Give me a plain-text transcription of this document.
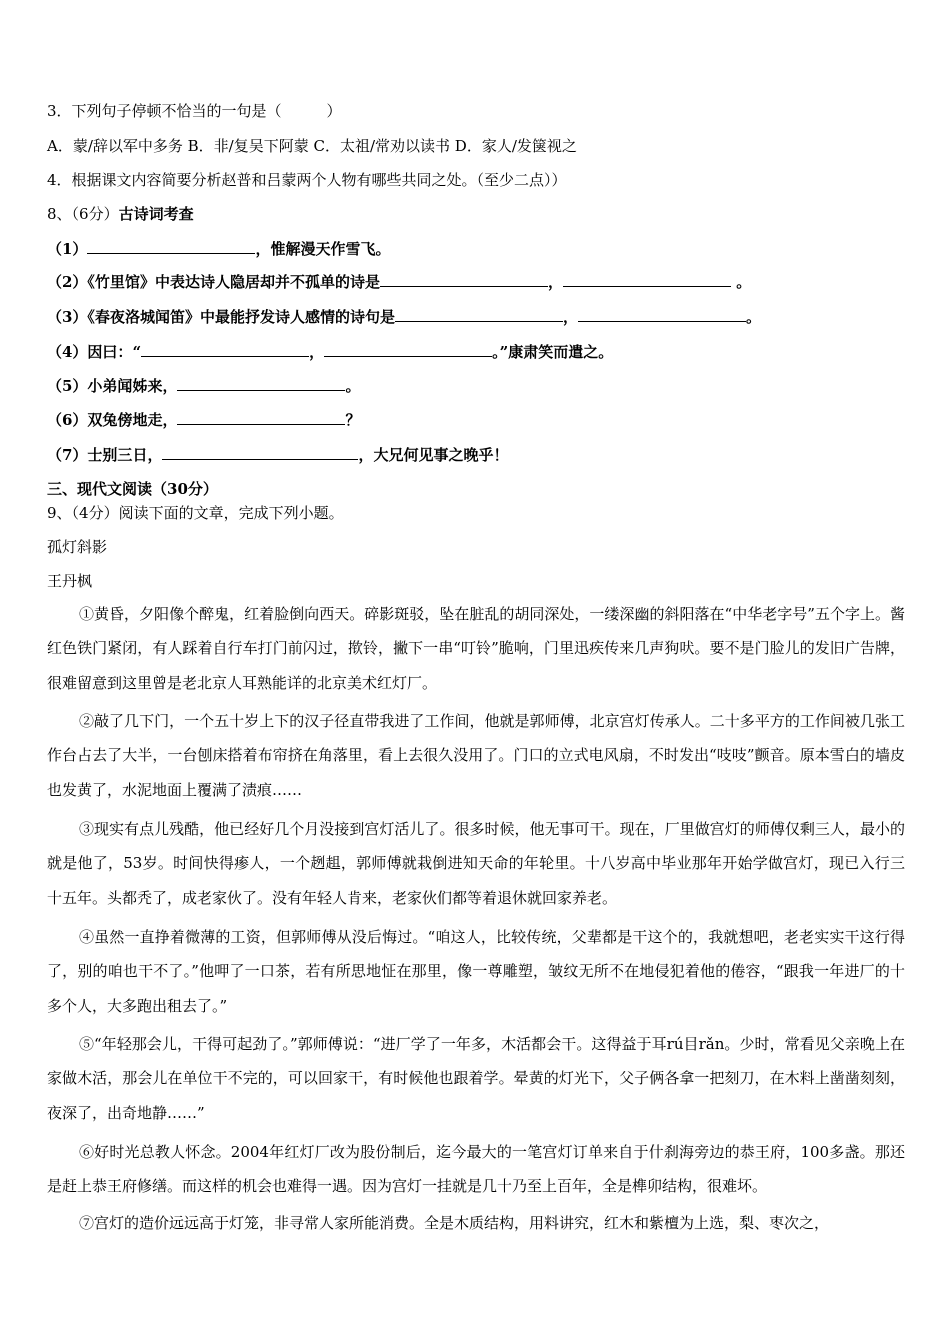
3．下列句子停顿不恰当的一句是（　　　）
A．蒙/辞以军中多务 B．非/复吴下阿蒙 C．太祖/常劝以读书 D．家人/发箧视之
4．根据课文内容简要分析赵普和吕蒙两个人物有哪些共同之处。（至少二点））
8、（6分）古诗词考查
（1）	，惟解漫天作雪飞。
（2）《竹里馆》中表达诗人隐居却并不孤单的诗是	，	。
（3）《春夜洛城闻笛》中最能抒发诗人感情的诗句是	，	。
（4）因曰：“	，	。”康肃笑而遣之。
（5）小弟闻姊来，	。
（6）双兔傍地走，	？
（7）士别三日，	，大兄何见事之晚乎！
三、现代文阅读（30分）
9、（4分）阅读下面的文章，完成下列小题。
孤灯斜影
王丹枫
①黄昏，夕阳像个醉鬼，红着脸倒向西天。碎影斑驳，坠在脏乱的胡同深处，一缕深幽的斜阳落在“中华老字号”五个字上。酱红色铁门紧闭，有人踩着自行车打门前闪过，揿铃，撇下一串“叮铃”脆响，门里迅疾传来几声狗吠。要不是门脸儿的发旧广告牌，很难留意到这里曾是老北京人耳熟能详的北京美术红灯厂。
②敲了几下门，一个五十岁上下的汉子径直带我进了工作间，他就是郭师傅，北京宫灯传承人。二十多平方的工作间被几张工作台占去了大半，一台刨床搭着布帘挤在角落里，看上去很久没用了。门口的立式电风扇，不时发出“吱吱”颤音。原本雪白的墙皮也发黄了，水泥地面上覆满了渍痕……
③现实有点儿残酷，他已经好几个月没接到宫灯活儿了。很多时候，他无事可干。现在，厂里做宫灯的师傅仅剩三人，最小的就是他了，53岁。时间快得瘆人，一个趔趄，郭师傅就栽倒进知天命的年轮里。十八岁高中毕业那年开始学做宫灯，现已入行三十五年。头都秃了，成老家伙了。没有年轻人肯来，老家伙们都等着退休就回家养老。
④虽然一直挣着微薄的工资，但郭师傅从没后悔过。“咱这人，比较传统，父辈都是干这个的，我就想吧，老老实实干这行得了，别的咱也干不了。”他呷了一口茶，若有所思地怔在那里，像一尊雕塑，皱纹无所不在地侵犯着他的倦容，“跟我一年进厂的十多个人，大多跑出租去了。”
⑤“年轻那会儿，干得可起劲了。”郭师傅说：“进厂学了一年多，木活都会干。这得益于耳rú目rǎn。少时，常看见父亲晚上在家做木活，那会儿在单位干不完的，可以回家干，有时候他也跟着学。晕黄的灯光下，父子俩各拿一把刻刀，在木料上凿凿刻刻，夜深了，出奇地静……”
⑥好时光总教人怀念。2004年红灯厂改为股份制后，迄今最大的一笔宫灯订单来自于什刹海旁边的恭王府，100多盏。那还是赶上恭王府修缮。而这样的机会也难得一遇。因为宫灯一挂就是几十乃至上百年，全是榫卯结构，很难坏。
⑦宫灯的造价远远高于灯笼，非寻常人家所能消费。全是木质结构，用料讲究，红木和紫檀为上选，梨、枣次之，
